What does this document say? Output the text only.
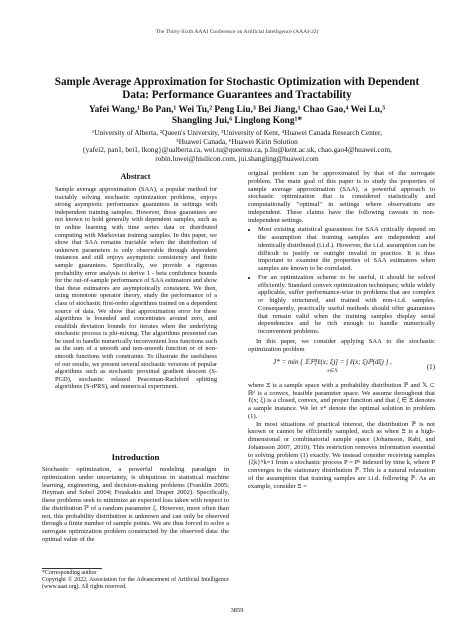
The Thirty-Sixth AAAI Conference on Artificial Intelligence (AAAI-22)
Sample Average Approximation for Stochastic Optimization with Dependent Data: Performance Guarantees and Tractability
Yafei Wang,¹ Bo Pan,¹ Wei Tu,² Peng Liu,³ Bei Jiang,¹ Chao Gao,⁴ Wei Lu,⁵
Shangling Jui,⁶ Linglong Kong¹*
¹University of Alberta, ²Queen's University, ³University of Kent, ⁴Huawei Canada Research Center,
⁵Huawei Canada, ⁶Huawei Kirin Solution
{yafei2, pan1, bei1, lkong}@ualberta.ca, wei.tu@queensu.ca, p.liu@kent.ac.uk, chao.gao4@huawei.com,
robin.luwei@hisilicon.com, jui.shangling@huawei.com
Abstract

Sample average approximation (SAA), a popular method for tractably solving stochastic optimization problems, enjoys strong asymptotic performance guarantees in settings with independent training samples. However, these guarantees are not known to hold generally with dependent samples, such as in online learning with time series data or distributed computing with Markovian training samples. In this paper, we show that SAA remains tractable when the distribution of unknown parameters is only observable through dependent instances and still enjoys asymptotic consistency and finite sample guarantees. Specifically, we provide a rigorous probability error analysis to derive 1 - beta confidence bounds for the out-of-sample performance of SAA estimators and show that these estimators are asymptotically consistent. We then, using monotone operator theory, study the performance of a class of stochastic first-order algorithms trained on a dependent source of data. We show that approximation error for these algorithms is bounded and concentrates around zero, and establish deviation bounds for iterates when the underlying stochastic process is phi-mixing. The algorithms presented can be used to handle numerically inconvenient loss functions such as the sum of a smooth and non-smooth function or of non-smooth functions with constraints. To illustrate the usefulness of our results, we present several stochastic versions of popular algorithms such as stochastic proximal gradient descent (S-PGD), stochastic relaxed Peaceman-Rachford splitting algorithms (S-rPRS), and numerical experiment.

Introduction

Stochastic optimization, a powerful modeling paradigm in optimization under uncertainty, is ubiquitous in statistical machine learning, engineering, and decision-making problems (Franklin 2005; Heyman and Sobel 2004; Fouskakis and Draper 2002). Specifically, these problems seek to minimize an expected loss taken with respect to the distribution ℙ of a random parameter ξ. However, more often than not, this probability distribution is unknown and can only be observed through a finite number of sample points. We are thus forced to solve a surrogate optimization problem constructed by the observed data: the optimal value of the

*Corresponding author

Copyright © 2022, Association for the Advancement of Artificial Intelligence (www.aaai.org). All rights reserved.

original problem can be approximated by that of the surrogate problem. The main goal of this paper is to study the properties of sample average approximation (SAA), a powerful approach to stochastic optimization that is considered statistically and computationally "optimal" in settings where observations are independent. These claims have the following caveats in non-independent settings.

• Most existing statistical guarantees for SAA critically depend on the assumption that training samples are independent and identically distributed (i.i.d.). However, the i.i.d. assumption can be difficult to justify or outright invalid in practice. It is thus important to examine the properties of SAA estimators when samples are known to be correlated.
• For an optimization scheme to be useful, it should be solved efficiently. Standard convex optimization techniques; while widely applicable, suffer performance-wise in problems that are complex or highly structured, and trained with non-i.i.d. samples. Consequently, practically useful methods should offer guarantees that remain valid when the training samples display serial dependencies and be rich enough to handle numerically inconvenient problems.

In this paper, we consider applying SAA to the stochastic optimization problem

J* = min { 𝔼ℙ[ℓ(x; ξ)] = ∫ ℓ(x; ξ)ℙ(dξ) } ,
x∈𝕏
(1)

where Ξ is a sample space with a probability distribution ℙ and 𝕏 ⊂ ℝᵈ is a convex, feasible parameter space. We assume throughout that ℓ(x; ξ) is a closed, convex, and proper function and that ξ ∈ Ξ denotes a sample instance. We let x* denote the optimal solution to problem (1).

In most situations of practical interest, the distribution ℙ is not known or cannot be efficiently sampled, such as when Ξ is a high-dimensional or combinatorial sample space (Johansson, Rabi, and Johansson 2007, 2010). This restriction removes information essential to solving problem (1) exactly. We instead consider receiving samples {ξk}ᴺk=1 from a stochastic process P = Pᵏ indexed by time k, where P converges to the stationary distribution ℙ. This is a natural relaxation of the assumption that training samples are i.i.d. following ℙ. As an example, consider Ξ =

3859
